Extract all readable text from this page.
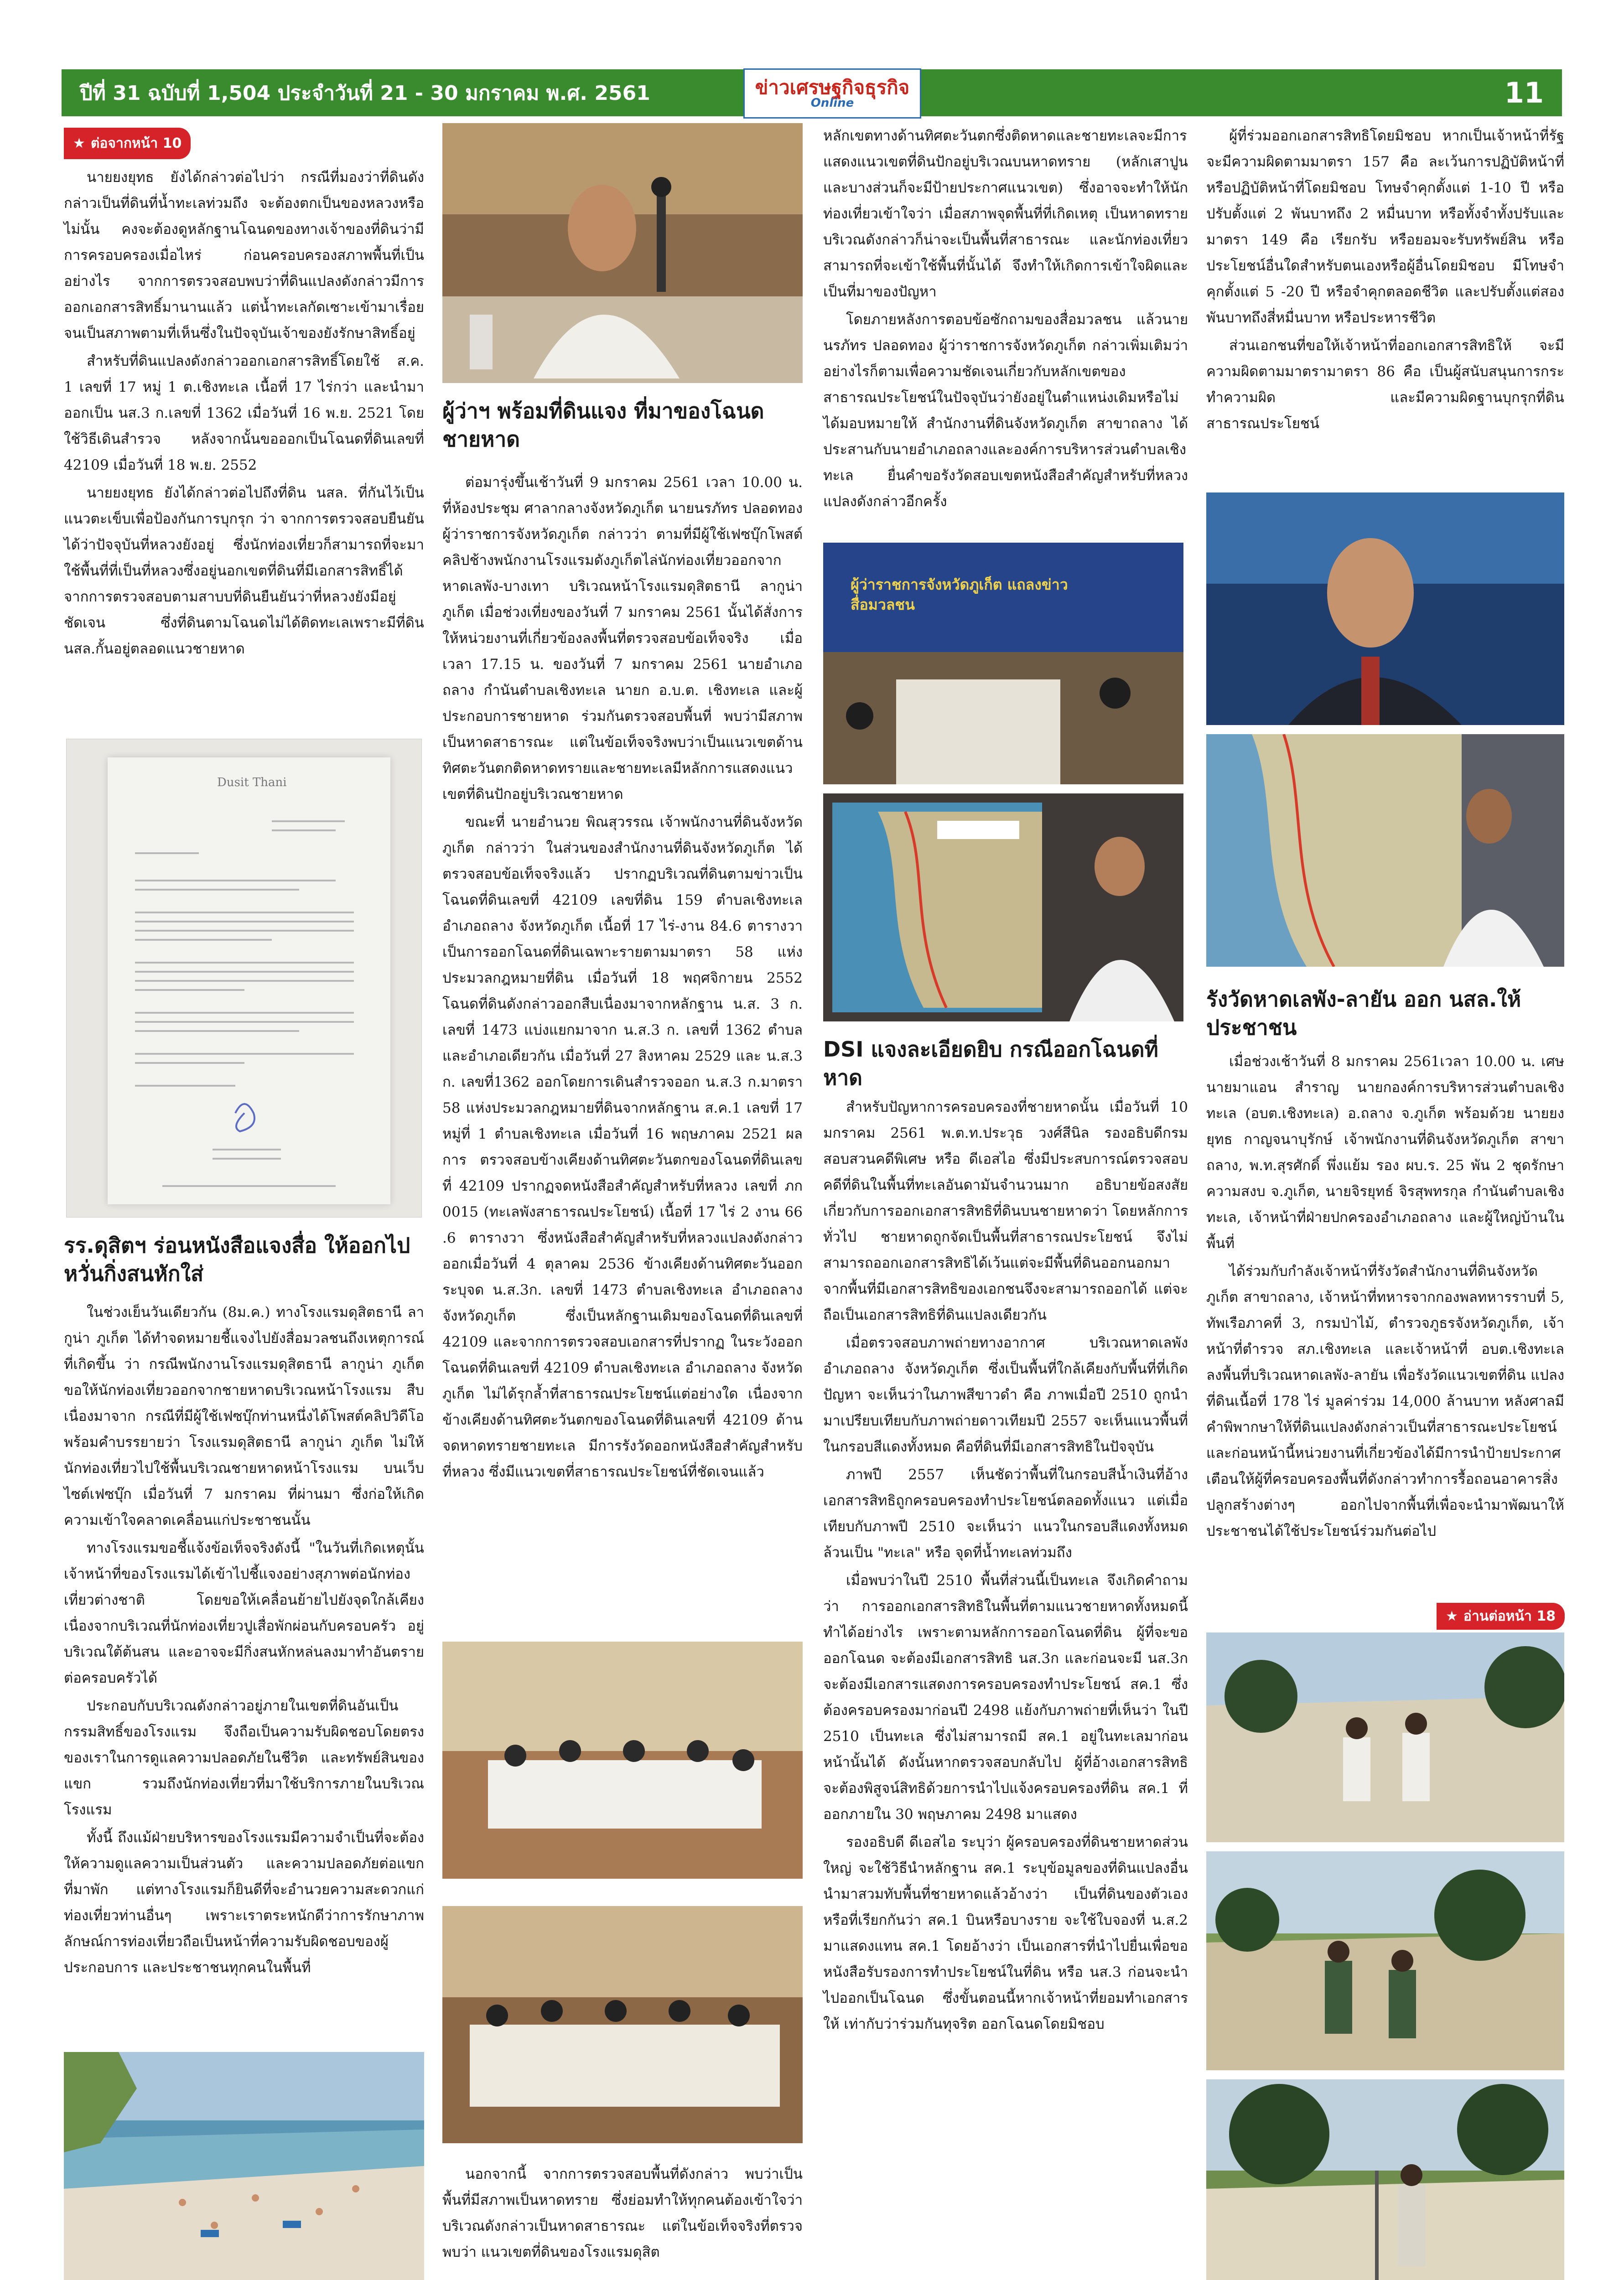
ปีที่ 31 ฉบับที่ 1,504 ประจำวันที่ 21 - 30 มกราคม พ.ศ. 2561	11
ข่าวเศรษฐกิจธุรกิจ
Online
★ ต่อจากหน้า 10

นายยงยุทธ ยังได้กล่าวต่อไปว่า กรณีที่มองว่าที่ดินดังกล่าวเป็นที่ดินที่น้ำทะเลท่วมถึง จะต้องตกเป็นของหลวงหรือไม่นั้น คงจะต้องดูหลักฐานโฉนดของทางเจ้าของที่ดินว่ามีการครอบครองเมื่อไหร่ ก่อนครอบครองสภาพพื้นที่เป็นอย่างไร จากการตรวจสอบพบว่าที่ดินแปลงดังกล่าวมีการออกเอกสารสิทธิ์มานานแล้ว แต่น้ำทะเลกัดเซาะเข้ามาเรื่อยจนเป็นสภาพตามที่เห็นซึ่งในปัจจุบันเจ้าของยังรักษาสิทธิ์อยู่

สำหรับที่ดินแปลงดังกล่าวออกเอกสารสิทธิ์โดยใช้ ส.ค. 1 เลขที่ 17 หมู่ 1 ต.เชิงทะเล เนื้อที่ 17 ไร่กว่า และนำมาออกเป็น นส.3 ก.เลขที่ 1362 เมื่อวันที่ 16 พ.ย. 2521 โดยใช้วิธีเดินสำรวจ หลังจากนั้นขอออกเป็นโฉนดที่ดินเลขที่ 42109 เมื่อวันที่ 18 พ.ย. 2552

นายยงยุทธ ยังได้กล่าวต่อไปถึงที่ดิน นสล. ที่กันไว้เป็นแนวตะเข็บเพื่อป้องกันการบุกรุก ว่า จากการตรวจสอบยืนยันได้ว่าปัจจุบันที่หลวงยังอยู่ ซึ่งนักท่องเที่ยวก็สามารถที่จะมาใช้พื้นที่ที่เป็นที่หลวงซึ่งอยู่นอกเขตที่ดินที่มีเอกสารสิทธิ์ได้ จากการตรวจสอบตามสาบบที่ดินยืนยันว่าที่หลวงยังมีอยู่ชัดเจน ซึ่งที่ดินตามโฉนดไม่ได้ติดทะเลเพราะมีที่ดิน นสล.กั้นอยู่ตลอดแนวชายหาด

Dusit Thani
รร.ดุสิตฯ ร่อนหนังสือแจงสื่อ ให้ออกไปหวั่นกิ่งสนหักใส่

ในช่วงเย็นวันเดียวกัน (8ม.ค.) ทางโรงแรมดุสิตธานี ลากูน่า ภูเก็ต ได้ทำจดหมายชี้แจงไปยังสื่อมวลชนถึงเหตุการณ์ที่เกิดขึ้น ว่า กรณีพนักงานโรงแรมดุสิตธานี ลากูน่า ภูเก็ต ขอให้นักท่องเที่ยวออกจากชายหาดบริเวณหน้าโรงแรม สืบเนื่องมาจาก กรณีที่มีผู้ใช้เฟซบุ๊กท่านหนึ่งได้โพสต์คลิปวิดีโอ พร้อมคำบรรยายว่า โรงแรมดุสิตธานี ลากูน่า ภูเก็ต ไม่ให้นักท่องเที่ยวไปใช้พื้นบริเวณชายหาดหน้าโรงแรม บนเว็บไซต์เฟซบุ๊ก เมื่อวันที่ 7 มกราคม ที่ผ่านมา ซึ่งก่อให้เกิดความเข้าใจคลาดเคลื่อนแก่ประชาชนนั้น

ทางโรงแรมขอชี้แจ้งข้อเท็จจริงดังนี้ "ในวันที่เกิดเหตุนั้น เจ้าหน้าที่ของโรงแรมได้เข้าไปชี้แจงอย่างสุภาพต่อนักท่องเที่ยวต่างชาติ โดยขอให้เคลื่อนย้ายไปยังจุดใกล้เคียงเนื่องจากบริเวณที่นักท่องเที่ยวปูเสื่อพักผ่อนกับครอบครัว อยู่บริเวณใต้ต้นสน และอาจจะมีกิ่งสนหักหล่นลงมาทำอันตรายต่อครอบครัวได้

ประกอบกับบริเวณดังกล่าวอยู่ภายในเขตที่ดินอันเป็นกรรมสิทธิ์ของโรงแรม จึงถือเป็นความรับผิดชอบโดยตรงของเราในการดูแลความปลอดภัยในชีวิต และทรัพย์สินของแขก รวมถึงนักท่องเที่ยวที่มาใช้บริการภายในบริเวณโรงแรม

ทั้งนี้ ถึงแม้ฝ่ายบริหารของโรงแรมมีความจำเป็นที่จะต้องให้ความดูแลความเป็นส่วนตัว และความปลอดภัยต่อแขกที่มาพัก แต่ทางโรงแรมก็ยินดีที่จะอำนวยความสะดวกแก่ท่องเที่ยวท่านอื่นๆ เพราะเราตระหนักดีว่าการรักษาภาพลักษณ์การท่องเที่ยวถือเป็นหน้าที่ความรับผิดชอบของผู้ประกอบการ และประชาชนทุกคนในพื้นที่

ผู้ว่าฯ พร้อมที่ดินแจง ที่มาของโฉนดชายหาด

ต่อมารุ่งขึ้นเช้าวันที่ 9 มกราคม 2561 เวลา 10.00 น. ที่ห้องประชุม ศาลากลางจังหวัดภูเก็ต นายนรภัทร ปลอดทอง ผู้ว่าราชการจังหวัดภูเก็ต กล่าวว่า ตามที่มีผู้ใช้เฟซบุ๊กโพสต์คลิปช้างพนักงานโรงแรมดังภูเก็ตไล่นักท่องเที่ยวออกจาก หาดเลพัง-บางเทา บริเวณหน้าโรงแรมดุสิตธานี ลากูน่า ภูเก็ต เมื่อช่วงเที่ยงของวันที่ 7 มกราคม 2561 นั้นได้สั่งการให้หน่วยงานที่เกี่ยวข้องลงพื้นที่ตรวจสอบข้อเท็จจริง เมื่อเวลา 17.15 น. ของวันที่ 7 มกราคม 2561 นายอำเภอถลาง กำนันตำบลเชิงทะเล นายก อ.บ.ต. เชิงทะเล และผู้ประกอบการชายหาด ร่วมกันตรวจสอบพื้นที่ พบว่ามีสภาพเป็นหาดสาธารณะ แต่ในข้อเท็จจริงพบว่าเป็นแนวเขตด้านทิศตะวันตกติดหาดทรายและชายทะเลมีหลักการแสดงแนวเขตที่ดินปักอยู่บริเวณชายหาด

ขณะที่ นายอำนวย พิณสุวรรณ เจ้าพนักงานที่ดินจังหวัดภูเก็ต กล่าวว่า ในส่วนของสำนักงานที่ดินจังหวัดภูเก็ต ได้ตรวจสอบข้อเท็จจริงแล้ว ปรากฏบริเวณที่ดินตามข่าวเป็นโฉนดที่ดินเลขที่ 42109 เลขที่ดิน 159 ตำบลเชิงทะเล อำเภอถลาง จังหวัดภูเก็ต เนื้อที่ 17 ไร่-งาน 84.6 ตารางวา เป็นการออกโฉนดที่ดินเฉพาะรายตามมาตรา 58 แห่งประมวลกฎหมายที่ดิน เมื่อวันที่ 18 พฤศจิกายน 2552 โฉนดที่ดินดังกล่าวออกสืบเนื่องมาจากหลักฐาน น.ส. 3 ก. เลขที่ 1473 แบ่งแยกมาจาก น.ส.3 ก. เลขที่ 1362 ตำบลและอำเภอเดียวกัน เมื่อวันที่ 27 สิงหาคม 2529 และ น.ส.3 ก. เลขที่1362 ออกโดยการเดินสำรวจออก น.ส.3 ก.มาตรา 58 แห่งประมวลกฎหมายที่ดินจากหลักฐาน ส.ค.1 เลขที่ 17 หมู่ที่ 1 ตำบลเชิงทะเล เมื่อวันที่ 16 พฤษภาคม 2521 ผลการ ตรวจสอบข้างเคียงด้านทิศตะวันตกของโฉนดที่ดินเลขที่ 42109 ปรากฏจดหนังสือสำคัญสำหรับที่หลวง เลขที่ ภก 0015 (ทะเลพังสาธารณประโยชน์) เนื้อที่ 17 ไร่ 2 งาน 66 .6 ตารางวา ซึ่งหนังสือสำคัญสำหรับที่หลวงแปลงดังกล่าวออกเมื่อวันที่ 4 ตุลาคม 2536 ข้างเคียงด้านทิศตะวันออกระบุจด น.ส.3ก. เลขที่ 1473 ตำบลเชิงทะเล อำเภอถลาง จังหวัดภูเก็ต ซึ่งเป็นหลักฐานเดิมของโฉนดที่ดินเลขที่ 42109 และจากการตรวจสอบเอกสารที่ปรากฏ ในระวังออกโฉนดที่ดินเลขที่ 42109 ตำบลเชิงทะเล อำเภอถลาง จังหวัดภูเก็ต ไม่ได้รุกล้ำที่สาธารณประโยชน์แต่อย่างใด เนื่องจากข้างเคียงด้านทิศตะวันตกของโฉนดที่ดินเลขที่ 42109 ด้านจดหาดทรายชายทะเล มีการรังวัดออกหนังสือสำคัญสำหรับที่หลวง ซึ่งมีแนวเขตที่สาธารณประโยชน์ที่ชัดเจนแล้ว

นอกจากนี้ จากการตรวจสอบพื้นที่ดังกล่าว พบว่าเป็นพื้นที่มีสภาพเป็นหาดทราย ซึ่งย่อมทำให้ทุกคนต้องเข้าใจว่าบริเวณดังกล่าวเป็นหาดสาธารณะ แต่ในข้อเท็จจริงที่ตรวจพบว่า แนวเขตที่ดินของโรงแรมดุสิต

หลักเขตทางด้านทิศตะวันตกซึ่งติดหาดและชายทะเลจะมีการแสดงแนวเขตที่ดินปักอยู่บริเวณบนหาดทราย (หลักเสาปูนและบางส่วนก็จะมีป้ายประกาศแนวเขต) ซึ่งอาจจะทำให้นักท่องเที่ยวเข้าใจว่า เมื่อสภาพจุดพื้นที่ที่เกิดเหตุ เป็นหาดทรายบริเวณดังกล่าวก็น่าจะเป็นพื้นที่สาธารณะ และนักท่องเที่ยวสามารถที่จะเข้าใช้พื้นที่นั้นได้ จึงทำให้เกิดการเข้าใจผิดและเป็นที่มาของปัญหา

โดยภายหลังการตอบข้อซักถามของสื่อมวลชน แล้วนายนรภัทร ปลอดทอง ผู้ว่าราชการจังหวัดภูเก็ต กล่าวเพิ่มเติมว่า อย่างไรก็ตามเพื่อความชัดเจนเกี่ยวกับหลักเขตของสาธารณประโยชน์ในปัจจุบันว่ายังอยู่ในตำแหน่งเดิมหรือไม่ ได้มอบหมายให้ สำนักงานที่ดินจังหวัดภูเก็ต สาขาถลาง ได้ประสานกับนายอำเภอถลางและองค์การบริหารส่วนตำบลเชิงทะเล ยื่นคำขอรังวัดสอบเขตหนังสือสำคัญสำหรับที่หลวงแปลงดังกล่าวอีกครั้ง

ผู้ว่าราชการจังหวัดภูเก็ต แถลงข่าวสื่อมวลชน
DSI แจงละเอียดยิบ กรณีออกโฉนดที่หาด

สำหรับปัญหาการครอบครองที่ชายหาดนั้น เมื่อวันที่ 10 มกราคม 2561 พ.ต.ท.ประวุธ วงศ์สีนิล รองอธิบดีกรมสอบสวนคดีพิเศษ หรือ ดีเอสไอ ซึ่งมีประสบการณ์ตรวจสอบคดีที่ดินในพื้นที่ทะเลอันดามันจำนวนมาก อธิบายข้อสงสัยเกี่ยวกับการออกเอกสารสิทธิที่ดินบนชายหาดว่า โดยหลักการทั่วไป ชายหาดถูกจัดเป็นพื้นที่สาธารณประโยชน์ จึงไม่สามารถออกเอกสารสิทธิได้เว้นแต่จะมีพื้นที่ดินออกนอกมาจากพื้นที่มีเอกสารสิทธิของเอกชนจึงจะสามารถออกได้ แต่จะถือเป็นเอกสารสิทธิที่ดินแปลงเดียวกัน

เมื่อตรวจสอบภาพถ่ายทางอากาศ บริเวณหาดเลพัง อำเภอถลาง จังหวัดภูเก็ต ซึ่งเป็นพื้นที่ใกล้เคียงกับพื้นที่ที่เกิดปัญหา จะเห็นว่าในภาพสีขาวดำ คือ ภาพเมื่อปี 2510 ถูกนำมาเปรียบเทียบกับภาพถ่ายดาวเทียมปี 2557 จะเห็นแนวพื้นที่ในกรอบสีแดงทั้งหมด คือที่ดินที่มีเอกสารสิทธิในปัจจุบัน

ภาพปี 2557 เห็นชัดว่าพื้นที่ในกรอบสีน้ำเงินที่อ้างเอกสารสิทธิถูกครอบครองทำประโยชน์ตลอดทั้งแนว แต่เมื่อเทียบกับภาพปี 2510 จะเห็นว่า แนวในกรอบสีแดงทั้งหมด ล้วนเป็น "ทะเล" หรือ จุดที่น้ำทะเลท่วมถึง

เมื่อพบว่าในปี 2510 พื้นที่ส่วนนี้เป็นทะเล จึงเกิดคำถามว่า การออกเอกสารสิทธิในพื้นที่ตามแนวชายหาดทั้งหมดนี้ ทำได้อย่างไร เพราะตามหลักการออกโฉนดที่ดิน ผู้ที่จะขอออกโฉนด จะต้องมีเอกสารสิทธิ นส.3ก และก่อนจะมี นส.3ก จะต้องมีเอกสารแสดงการครอบครองทำประโยชน์ สค.1 ซึ่งต้องครอบครองมาก่อนปี 2498 แย้งกับภาพถ่ายที่เห็นว่า ในปี 2510 เป็นทะเล ซึ่งไม่สามารถมี สค.1 อยู่ในทะเลมาก่อนหน้านั้นได้ ดังนั้นหากตรวจสอบกลับไป ผู้ที่อ้างเอกสารสิทธิ จะต้องพิสูจน์สิทธิด้วยการนำไปแจ้งครอบครองที่ดิน สค.1 ที่ออกภายใน 30 พฤษภาคม 2498 มาแสดง

รองอธิบดี ดีเอสไอ ระบุว่า ผู้ครอบครองที่ดินชายหาดส่วนใหญ่ จะใช้วิธีนำหลักฐาน สค.1 ระบุข้อมูลของที่ดินแปลงอื่น นำมาสวมทับพื้นที่ชายหาดแล้วอ้างว่า เป็นที่ดินของตัวเอง หรือที่เรียกกันว่า สค.1 บินหรือบางราย จะใช้ใบจองที่ น.ส.2 มาแสดงแทน สค.1 โดยอ้างว่า เป็นเอกสารที่นำไปยื่นเพื่อขอหนังสือรับรองการทำประโยชน์ในที่ดิน หรือ นส.3 ก่อนจะนำไปออกเป็นโฉนด ซึ่งขั้นตอนนี้หากเจ้าหน้าที่ยอมทำเอกสารให้ เท่ากับว่าร่วมกันทุจริต ออกโฉนดโดยมิชอบ

ผู้ที่ร่วมออกเอกสารสิทธิโดยมิชอบ หากเป็นเจ้าหน้าที่รัฐ จะมีความผิดตามมาตรา 157 คือ ละเว้นการปฏิบัติหน้าที่ หรือปฏิบัติหน้าที่โดยมิชอบ โทษจำคุกตั้งแต่ 1-10 ปี หรือปรับตั้งแต่ 2 พันบาทถึง 2 หมื่นบาท หรือทั้งจำทั้งปรับและมาตรา 149 คือ เรียกรับ หรือยอมจะรับทรัพย์สิน หรือประโยชน์อื่นใดสำหรับตนเองหรือผู้อื่นโดยมิชอบ มีโทษจำคุกตั้งแต่ 5 -20 ปี หรือจำคุกตลอดชีวิต และปรับตั้งแต่สองพันบาทถึงสี่หมื่นบาท หรือประหารชีวิต

ส่วนเอกชนที่ขอให้เจ้าหน้าที่ออกเอกสารสิทธิให้ จะมีความผิดตามมาตรามาตรา 86 คือ เป็นผู้สนับสนุนการกระทำความผิด และมีความผิดฐานบุกรุกที่ดินสาธารณประโยชน์

รังวัดหาดเลพัง-ลายัน ออก นสล.ให้ประชาชน

เมื่อช่วงเช้าวันที่ 8 มกราคม 2561เวลา 10.00 น. เศษ นายมาแอน สำราญ นายกองค์การบริหารส่วนตำบลเชิงทะเล (อบต.เชิงทะเล) อ.ถลาง จ.ภูเก็ต พร้อมด้วย นายยงยุทธ กาญจนาบุรักษ์ เจ้าพนักงานที่ดินจังหวัดภูเก็ต สาขาถลาง, พ.ท.สุรศักดิ์ พึ่งแย้ม รอง ผบ.ร. 25 พัน 2 ชุดรักษาความสงบ จ.ภูเก็ต, นายจิรยุทธ์ จิรสุพทรกุล กำนันตำบลเชิงทะเล, เจ้าหน้าที่ฝ่ายปกครองอำเภอถลาง และผู้ใหญ่บ้านในพื้นที่

ได้ร่วมกับกำลังเจ้าหน้าที่รังวัดสำนักงานที่ดินจังหวัดภูเก็ต สาขาถลาง, เจ้าหน้าที่ทหารจากกองพลทหารราบที่ 5, ทัพเรือภาคที่ 3, กรมป่าไม้, ตำรวจภูธรจังหวัดภูเก็ต, เจ้าหน้าที่ตำรวจ สภ.เชิงทะเล และเจ้าหน้าที่ อบต.เชิงทะเล ลงพื้นที่บริเวณหาดเลพัง-ลายัน เพื่อรังวัดแนวเขตที่ดิน แปลงที่ดินเนื้อที่ 178 ไร่ มูลค่าร่วม 14,000 ล้านบาท หลังศาลมีคำพิพากษาให้ที่ดินแปลงดังกล่าวเป็นที่สาธารณะประโยชน์ และก่อนหน้านี้หน่วยงานที่เกี่ยวข้องได้มีการนำป้ายประกาศเตือนให้ผู้ที่ครอบครองพื้นที่ดังกล่าวทำการรื้อถอนอาคารสิ่งปลูกสร้างต่างๆ ออกไปจากพื้นที่เพื่อจะนำมาพัฒนาให้ประชาชนได้ใช้ประโยชน์ร่วมกันต่อไป

★ อ่านต่อหน้า 18
